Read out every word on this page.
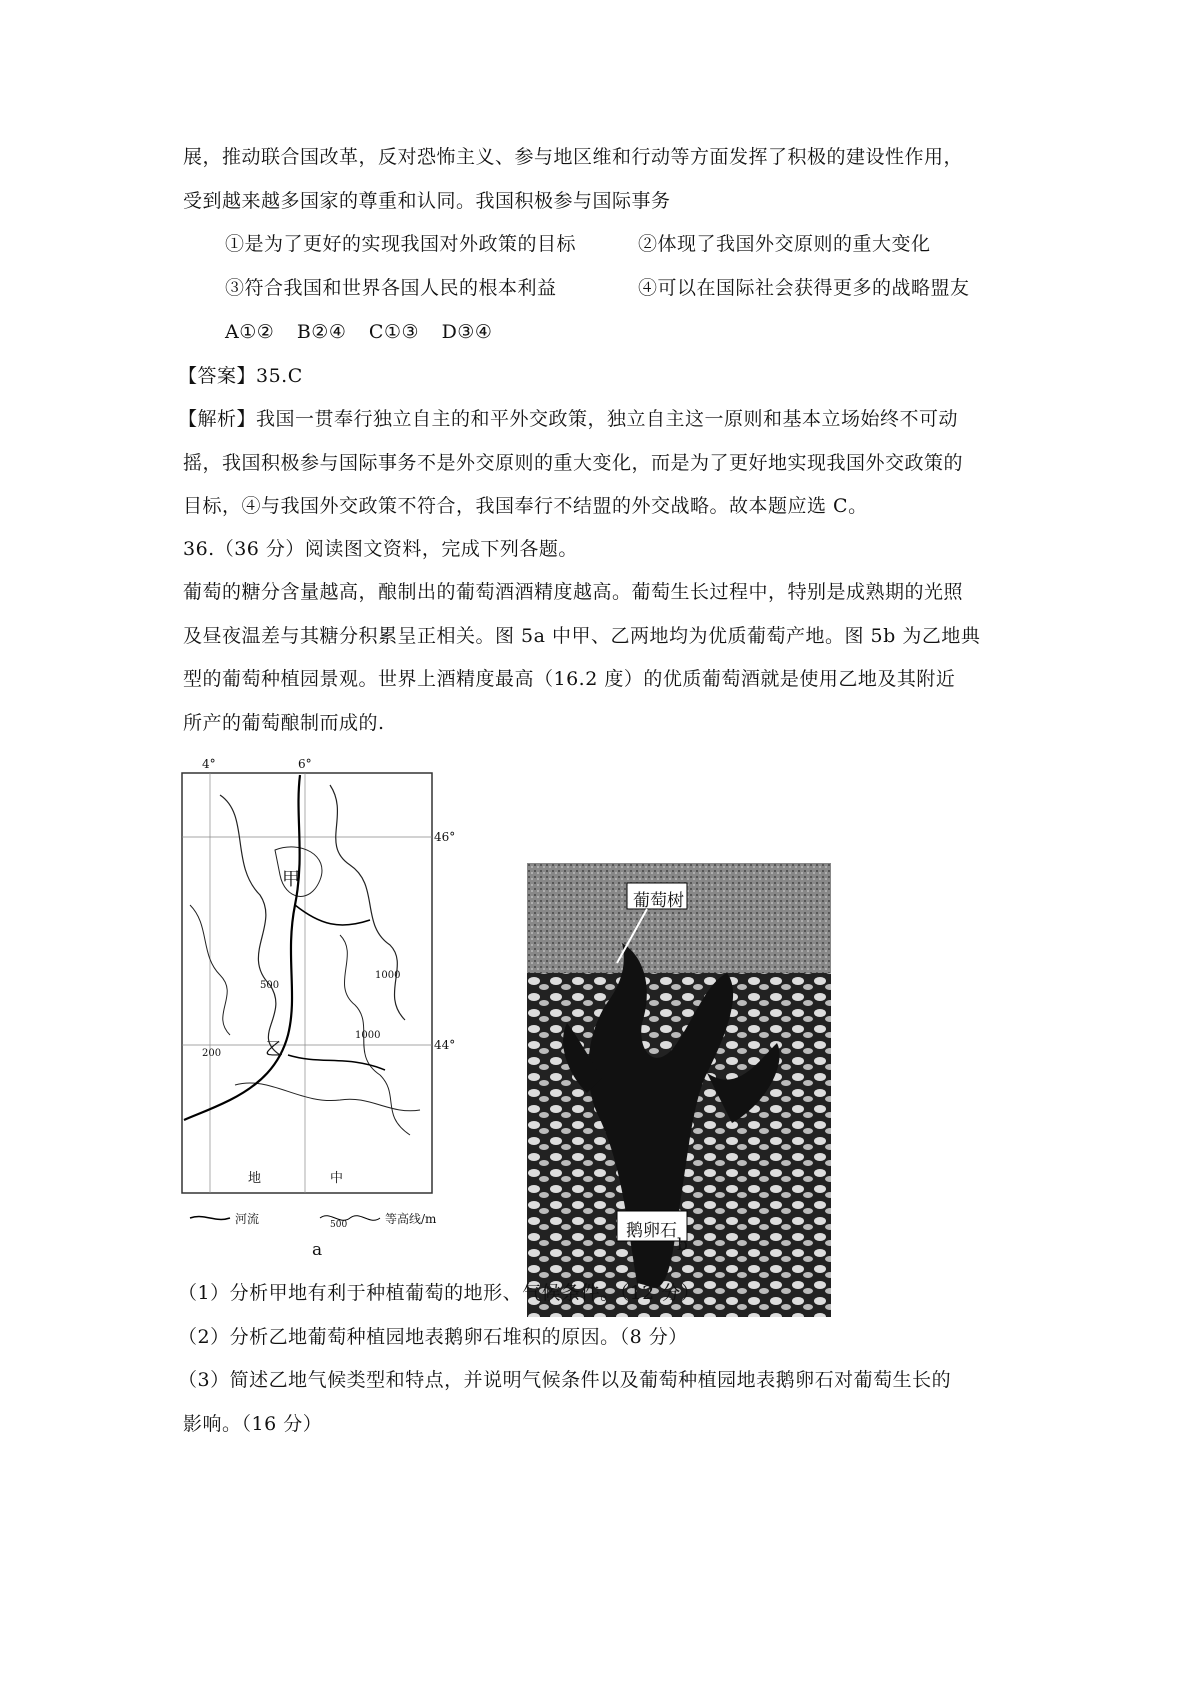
展，推动联合国改革，反对恐怖主义、参与地区维和行动等方面发挥了积极的建设性作用，
受到越来越多国家的尊重和认同。我国积极参与国际事务
①是为了更好的实现我国对外政策的目标	②体现了我国外交原则的重大变化
③符合我国和世界各国人民的根本利益	④可以在国际社会获得更多的战略盟友
A①② B②④ C①③ D③④
【答案】35.C
【解析】我国一贯奉行独立自主的和平外交政策，独立自主这一原则和基本立场始终不可动
摇，我国积极参与国际事务不是外交原则的重大变化，而是为了更好地实现我国外交政策的
目标，④与我国外交政策不符合，我国奉行不结盟的外交战略。故本题应选 C。
36.（36 分）阅读图文资料，完成下列各题。
葡萄的糖分含量越高，酿制出的葡萄酒酒精度越高。葡萄生长过程中，特别是成熟期的光照
及昼夜温差与其糖分积累呈正相关。图 5a 中甲、乙两地均为优质葡萄产地。图 5b 为乙地典
型的葡萄种植园景观。世界上酒精度最高（16.2 度）的优质葡萄酒就是使用乙地及其附近
所产的葡萄酿制而成的.
4°	6°
46°
44°
甲
乙
1000
1000
500
200
地	中
河流	500	等高线/m
a
葡萄树
鹅卵石
b
（1）分析甲地有利于种植葡萄的地形、气候条件。（12 分）
（2）分析乙地葡萄种植园地表鹅卵石堆积的原因。（8 分）
（3）简述乙地气候类型和特点，并说明气候条件以及葡萄种植园地表鹅卵石对葡萄生长的
影响。（16 分）
